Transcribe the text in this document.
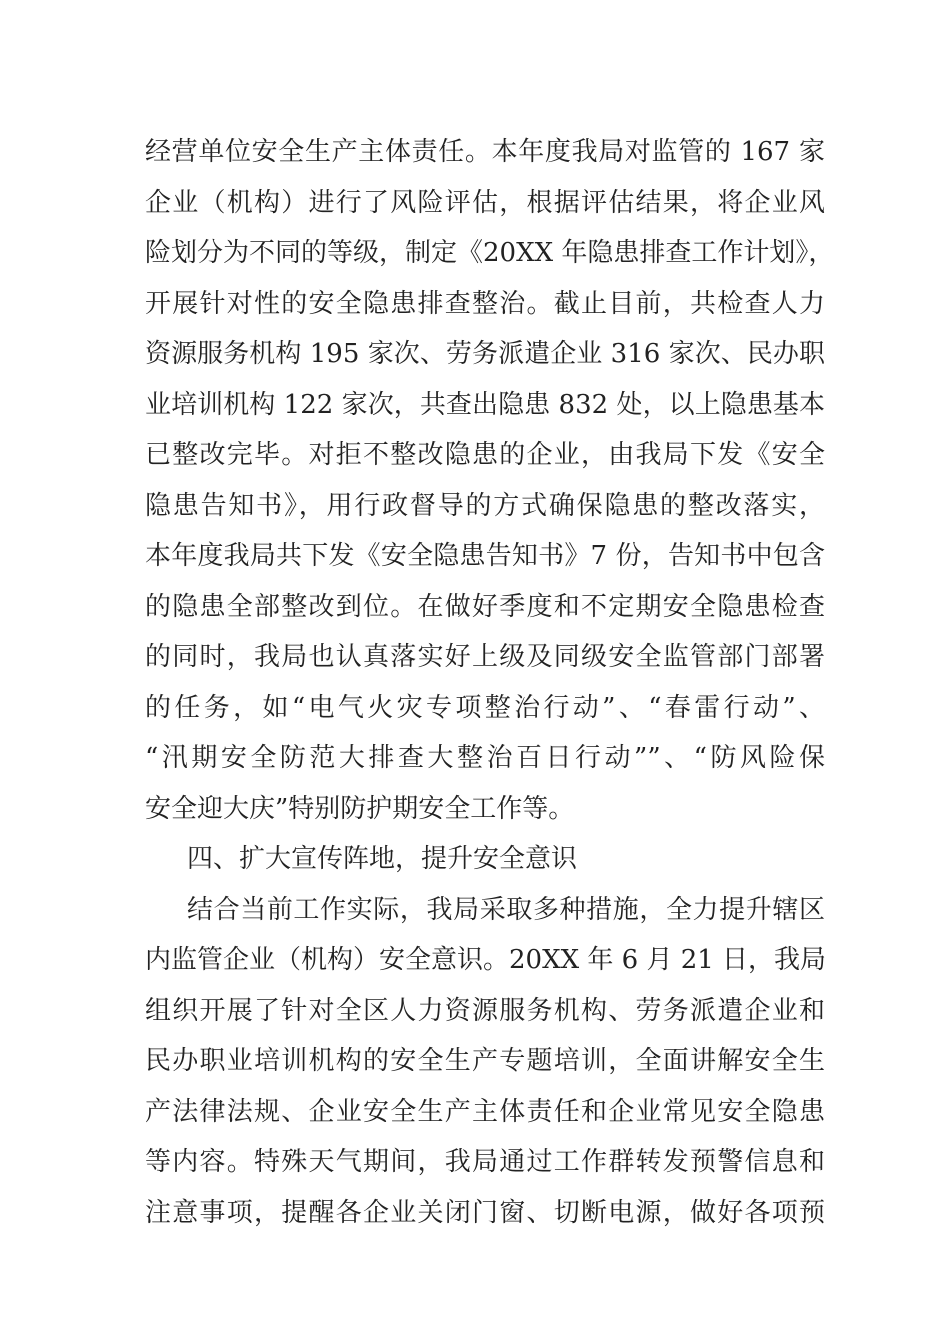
经营单位安全生产主体责任。本年度我局对监管的 167 家
企业（机构）进行了风险评估，根据评估结果，将企业风
险划分为不同的等级，制定《20XX 年隐患排查工作计划》，
开展针对性的安全隐患排查整治。截止目前，共检查人力
资源服务机构 195 家次、劳务派遣企业 316 家次、民办职
业培训机构 122 家次，共查出隐患 832 处，以上隐患基本
已整改完毕。对拒不整改隐患的企业，由我局下发《安全
隐患告知书》，用行政督导的方式确保隐患的整改落实，
本年度我局共下发《安全隐患告知书》7 份，告知书中包含
的隐患全部整改到位。在做好季度和不定期安全隐患检查
的同时，我局也认真落实好上级及同级安全监管部门部署
的任务，如“电气火灾专项整治行动”、“春雷行动”、
“汛期安全防范大排查大整治百日行动””、“防风险保
安全迎大庆”特别防护期安全工作等。
四、扩大宣传阵地，提升安全意识
结合当前工作实际，我局采取多种措施，全力提升辖区
内监管企业（机构）安全意识。20XX 年 6 月 21 日，我局
组织开展了针对全区人力资源服务机构、劳务派遣企业和
民办职业培训机构的安全生产专题培训，全面讲解安全生
产法律法规、企业安全生产主体责任和企业常见安全隐患
等内容。特殊天气期间，我局通过工作群转发预警信息和
注意事项，提醒各企业关闭门窗、切断电源，做好各项预
